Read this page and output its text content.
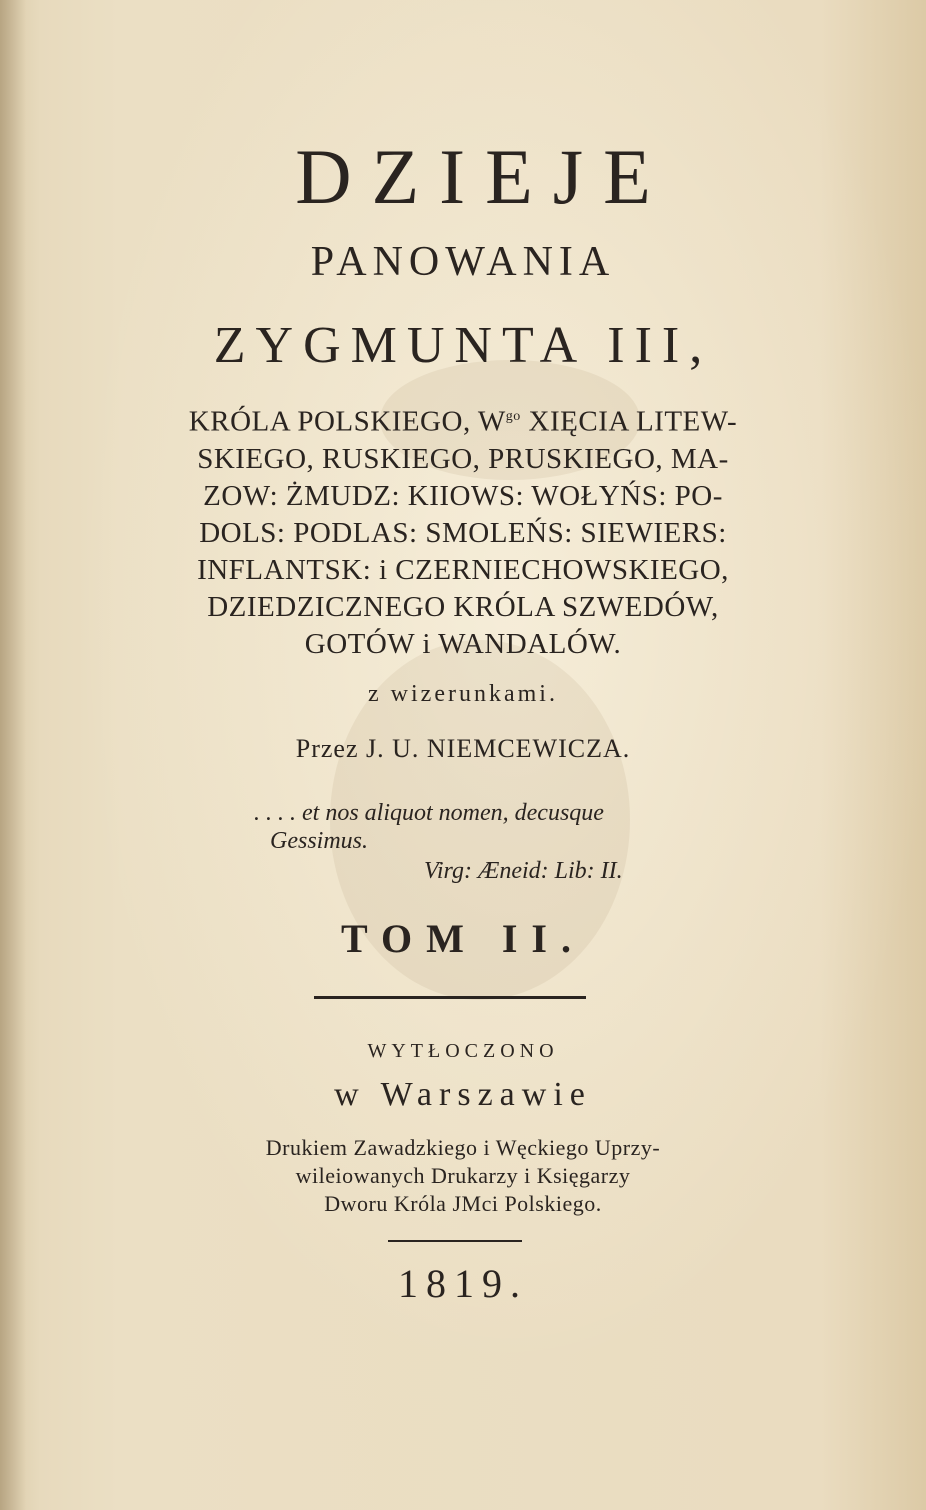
DZIEJE
PANOWANIA
ZYGMUNTA III,
KRÓLA POLSKIEGO, $W^{go}$ XIĘCIA LITEW-
SKIEGO, RUSKIEGO, PRUSKIEGO, MA-
ZOW: ŻMUDZ: KIIOWS: WOŁYŃS: PO-
DOLS: PODLAS: SMOLEŃS: SIEWIERS:
INFLANTSK: i CZERNIECHOWSKIEGO,
DZIEDZICZNEGO KRÓLA SZWEDÓW,
GOTÓW i WANDALÓW.
z wizerunkami.
Przez J. U. NIEMCEWICZA.
. . . . et nos aliquot nomen, decusque
Gessimus.
Virg: Æneid: Lib: II.
TOM II.
WYTŁOCZONO
w Warszawie
Drukiem Zawadzkiego i Węckiego Uprzy-
wileiowanych Drukarzy i Księgarzy
Dworu Króla JMci Polskiego.
1819.
